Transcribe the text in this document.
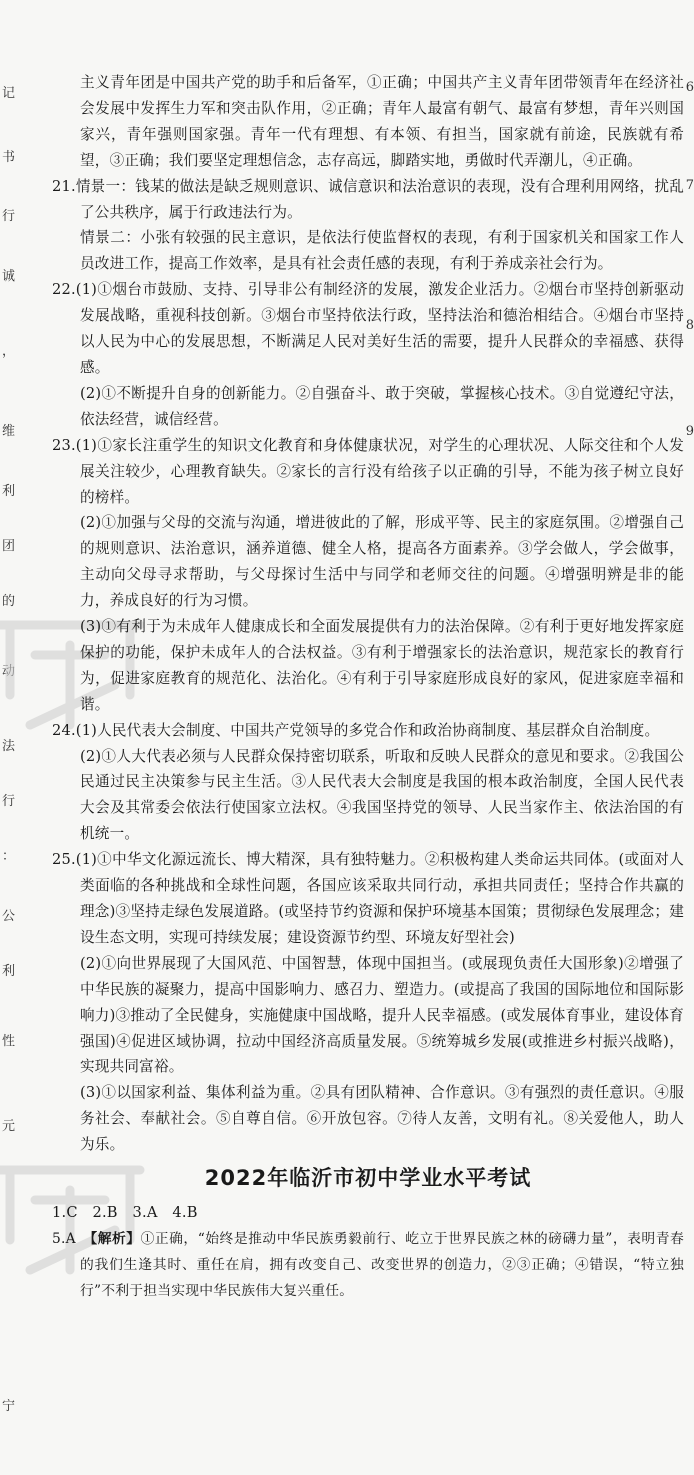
记
书
行
诚
，
维
利
团
的
动
法
行
：
公
利
性
元
宁
6
7
8
9

主义青年团是中国共产党的助手和后备军，①正确；中国共产主义青年团带领青年在经济社会发展中发挥生力军和突击队作用，②正确；青年人最富有朝气、最富有梦想，青年兴则国家兴，青年强则国家强。青年一代有理想、有本领、有担当，国家就有前途，民族就有希望，③正确；我们要坚定理想信念，志存高远，脚踏实地，勇做时代弄潮儿，④正确。

21.情景一：钱某的做法是缺乏规则意识、诚信意识和法治意识的表现，没有合理利用网络，扰乱了公共秩序，属于行政违法行为。

情景二：小张有较强的民主意识，是依法行使监督权的表现，有利于国家机关和国家工作人员改进工作，提高工作效率，是具有社会责任感的表现，有利于养成亲社会行为。

22.(1)①烟台市鼓励、支持、引导非公有制经济的发展，激发企业活力。②烟台市坚持创新驱动发展战略，重视科技创新。③烟台市坚持依法行政，坚持法治和德治相结合。④烟台市坚持以人民为中心的发展思想，不断满足人民对美好生活的需要，提升人民群众的幸福感、获得感。

(2)①不断提升自身的创新能力。②自强奋斗、敢于突破，掌握核心技术。③自觉遵纪守法，依法经营，诚信经营。

23.(1)①家长注重学生的知识文化教育和身体健康状况，对学生的心理状况、人际交往和个人发展关注较少，心理教育缺失。②家长的言行没有给孩子以正确的引导，不能为孩子树立良好的榜样。

(2)①加强与父母的交流与沟通，增进彼此的了解，形成平等、民主的家庭氛围。②增强自己的规则意识、法治意识，涵养道德、健全人格，提高各方面素养。③学会做人，学会做事，主动向父母寻求帮助，与父母探讨生活中与同学和老师交往的问题。④增强明辨是非的能力，养成良好的行为习惯。

(3)①有利于为未成年人健康成长和全面发展提供有力的法治保障。②有利于更好地发挥家庭保护的功能，保护未成年人的合法权益。③有利于增强家长的法治意识，规范家长的教育行为，促进家庭教育的规范化、法治化。④有利于引导家庭形成良好的家风，促进家庭幸福和谐。

24.(1)人民代表大会制度、中国共产党领导的多党合作和政治协商制度、基层群众自治制度。

(2)①人大代表必须与人民群众保持密切联系，听取和反映人民群众的意见和要求。②我国公民通过民主决策参与民主生活。③人民代表大会制度是我国的根本政治制度，全国人民代表大会及其常委会依法行使国家立法权。④我国坚持党的领导、人民当家作主、依法治国的有机统一。

25.(1)①中华文化源远流长、博大精深，具有独特魅力。②积极构建人类命运共同体。(或面对人类面临的各种挑战和全球性问题，各国应该采取共同行动，承担共同责任；坚持合作共赢的理念)③坚持走绿色发展道路。(或坚持节约资源和保护环境基本国策；贯彻绿色发展理念；建设生态文明，实现可持续发展；建设资源节约型、环境友好型社会)

(2)①向世界展现了大国风范、中国智慧，体现中国担当。(或展现负责任大国形象)②增强了中华民族的凝聚力，提高中国影响力、感召力、塑造力。(或提高了我国的国际地位和国际影响力)③推动了全民健身，实施健康中国战略，提升人民幸福感。(或发展体育事业，建设体育强国)④促进区域协调，拉动中国经济高质量发展。⑤统筹城乡发展(或推进乡村振兴战略)，实现共同富裕。

(3)①以国家利益、集体利益为重。②具有团队精神、合作意识。③有强烈的责任意识。④服务社会、奉献社会。⑤自尊自信。⑥开放包容。⑦待人友善，文明有礼。⑧关爱他人，助人为乐。

2022年临沂市初中学业水平考试

1.C　2.B　3.A　4.B

5.A　 【解析】①正确，“始终是推动中华民族勇毅前行、屹立于世界民族之林的磅礴力量”，表明青春的我们生逢其时、重任在肩，拥有改变自己、改变世界的创造力，②③正确；④错误，“特立独行”不利于担当实现中华民族伟大复兴重任。
